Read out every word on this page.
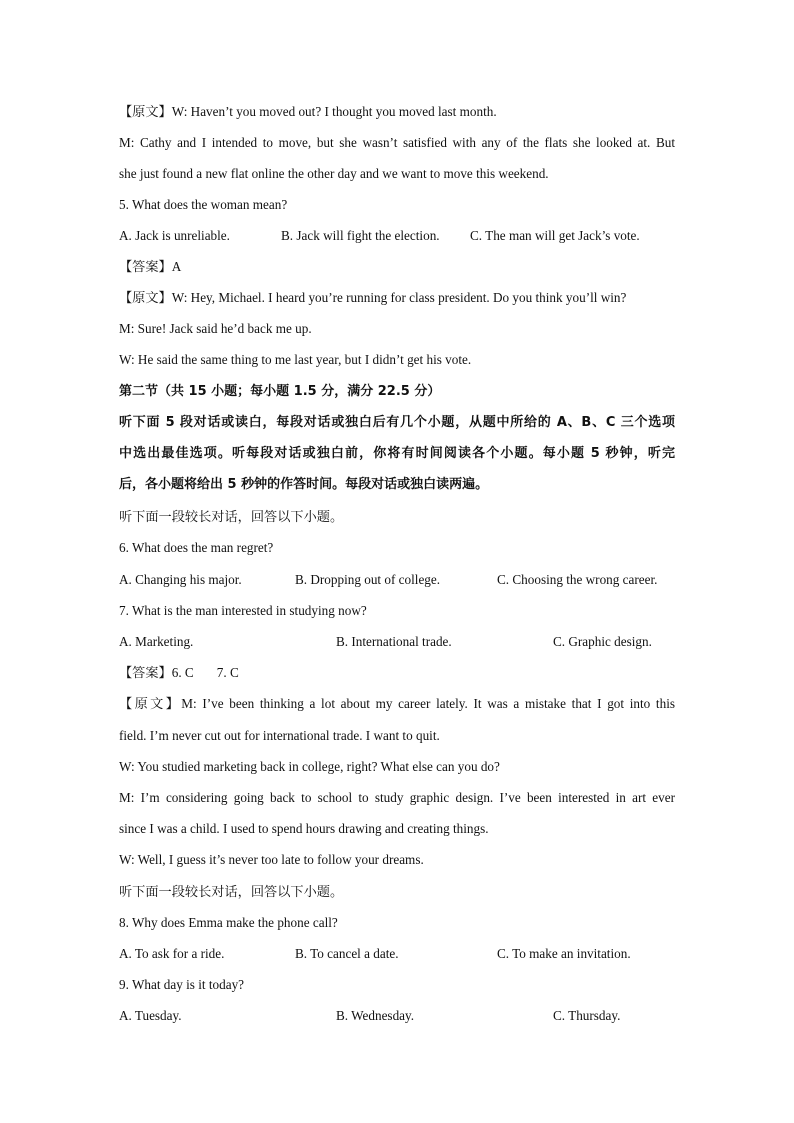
【原文】W: Haven’t you moved out? I thought you moved last month.
M: Cathy and I intended to move, but she wasn’t satisfied with any of the flats she looked at. But
she just found a new flat online the other day and we want to move this weekend.
5. What does the woman mean?
A. Jack is unreliable.	B. Jack will fight the election. C. The man will get Jack’s vote.
【答案】A
【原文】W: Hey, Michael. I heard you’re running for class president. Do you think you’ll win?
M: Sure! Jack said he’d back me up.
W: He said the same thing to me last year, but I didn’t get his vote.
第二节（共 15 小题；每小题 1.5 分，满分 22.5 分）
听下面 5 段对话或读白，每段对话或独白后有几个小题，从题中所给的 A、B、C 三个选项
中选出最佳选项。听每段对话或独白前，你将有时间阅读各个小题。每小题 5 秒钟，听完
后，各小题将给出 5 秒钟的作答时间。每段对话或独白读两遍。
听下面一段较长对话，回答以下小题。
6. What does the man regret?
A. Changing his major.	B. Dropping out of college.	C. Choosing the wrong career.
7. What is the man interested in studying now?
A. Marketing.	B. International trade.	C. Graphic design.
【答案】6. C       7. C
【原文】M: I’ve been thinking a lot about my career lately. It was a mistake that I got into this
field. I’m never cut out for international trade. I want to quit.
W: You studied marketing back in college, right? What else can you do?
M: I’m considering going back to school to study graphic design. I’ve been interested in art ever
since I was a child. I used to spend hours drawing and creating things.
W: Well, I guess it’s never too late to follow your dreams.
听下面一段较长对话，回答以下小题。
8. Why does Emma make the phone call?
A. To ask for a ride.	B. To cancel a date.	C. To make an invitation.
9. What day is it today?
A. Tuesday.	B. Wednesday.	C. Thursday.
